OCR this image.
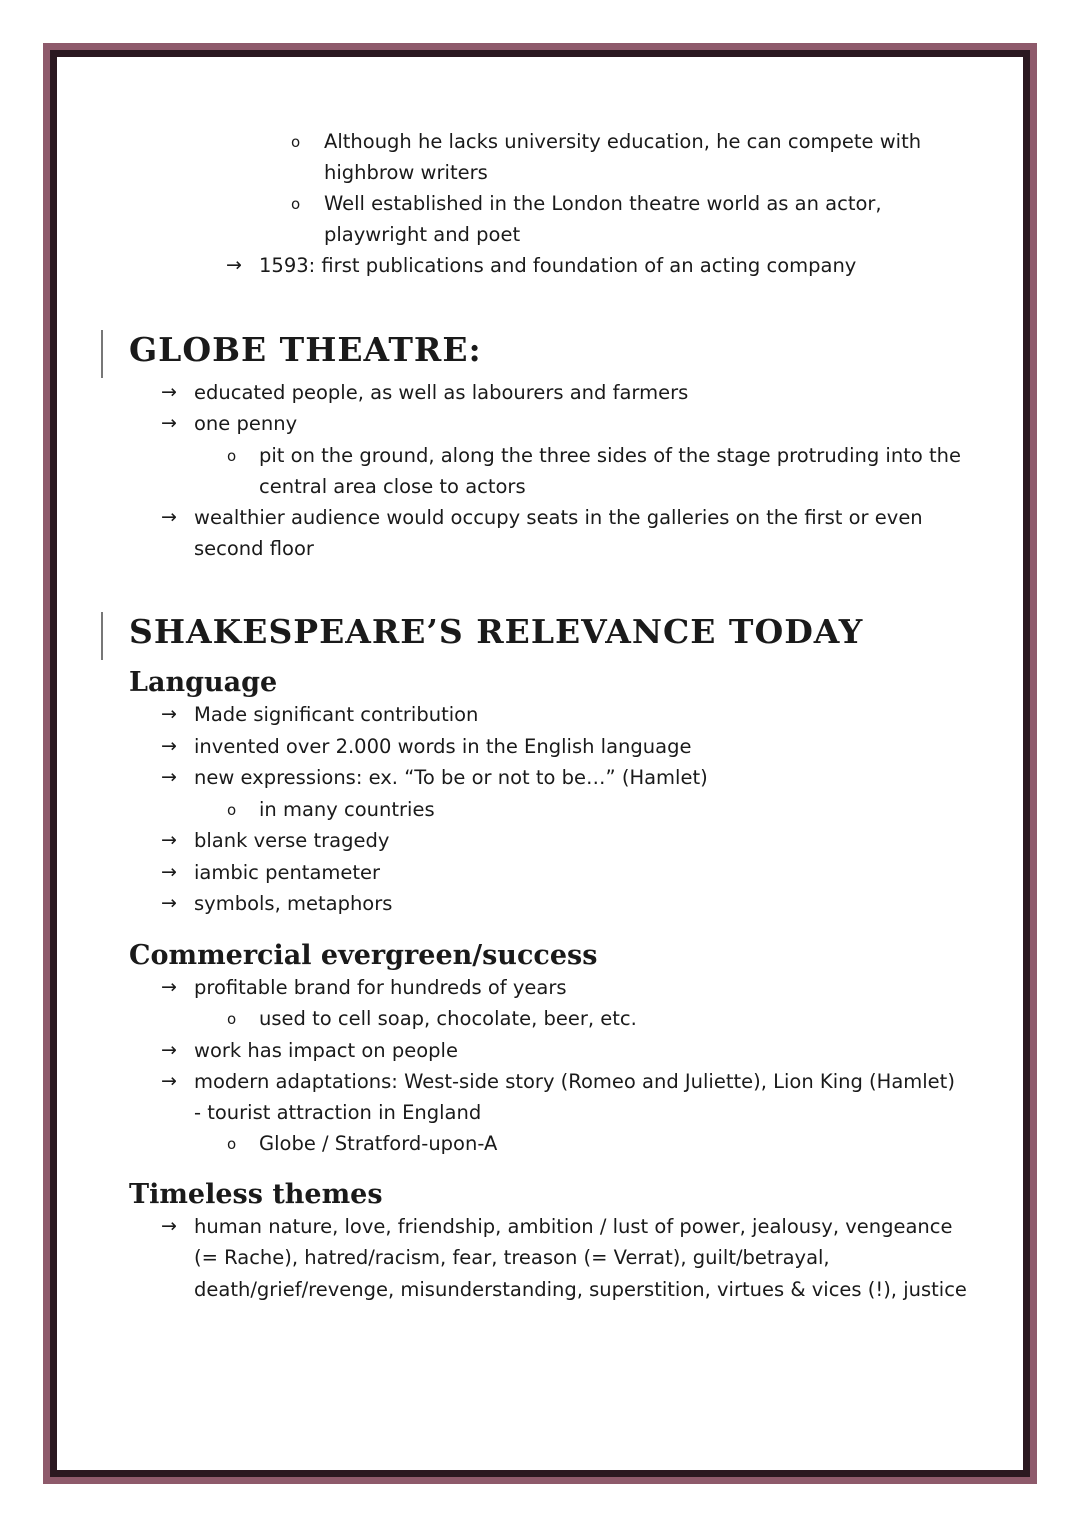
o Although he lacks university education, he can compete with
highbrow writers
o Well established in the London theatre world as an actor,
playwright and poet
→ 1593: first publications and foundation of an acting company
GLOBE THEATRE:
→ educated people, as well as labourers and farmers
→ one penny
o pit on the ground, along the three sides of the stage protruding into the
central area close to actors
→ wealthier audience would occupy seats in the galleries on the first or even
second floor
SHAKESPEARE’S RELEVANCE TODAY
Language
→ Made significant contribution
→ invented over 2.000 words in the English language
→ new expressions: ex. “To be or not to be…” (Hamlet)
o in many countries
→ blank verse tragedy
→ iambic pentameter
→ symbols, metaphors
Commercial evergreen/success
→ profitable brand for hundreds of years
o used to cell soap, chocolate, beer, etc.
→ work has impact on people
→ modern adaptations: West-side story (Romeo and Juliette), Lion King (Hamlet)
- tourist attraction in England
o Globe / Stratford-upon-A
Timeless themes
→ human nature, love, friendship, ambition / lust of power, jealousy, vengeance
(= Rache), hatred/racism, fear, treason (= Verrat), guilt/betrayal,
death/grief/revenge, misunderstanding, superstition, virtues & vices (!), justice
